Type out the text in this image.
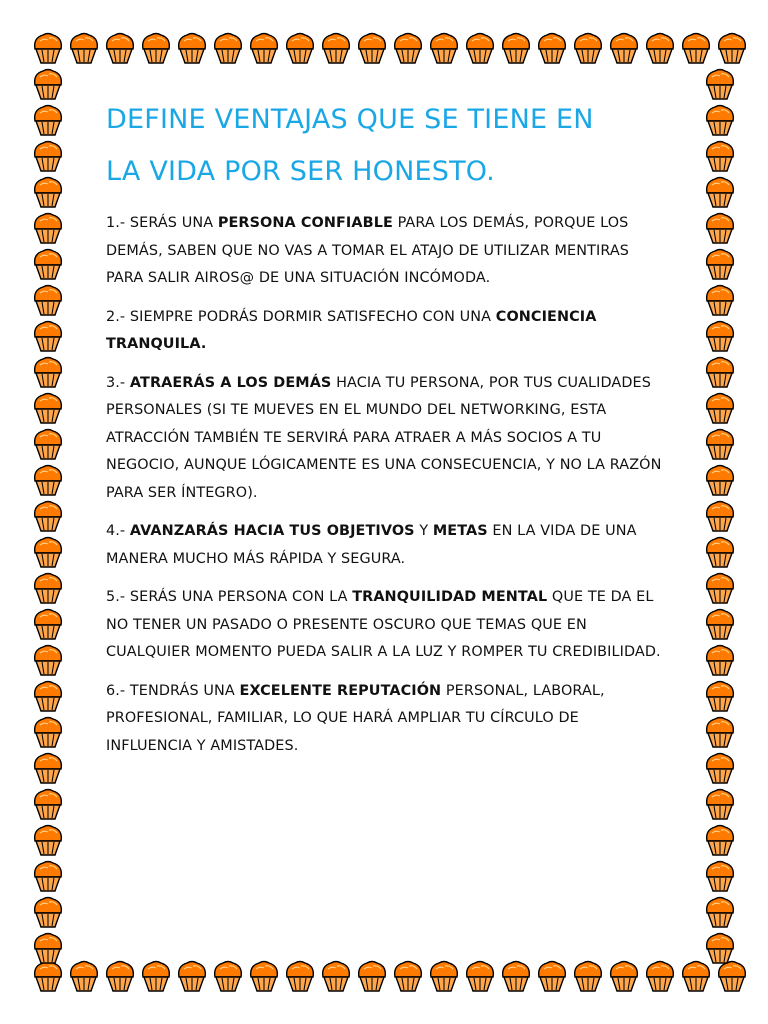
DEFINE VENTAJAS QUE SE TIENE EN
LA VIDA POR SER HONESTO.

1.- SERÁS UNA PERSONA CONFIABLE PARA LOS DEMÁS, PORQUE LOS DEMÁS, SABEN QUE NO VAS A TOMAR EL ATAJO DE UTILIZAR MENTIRAS PARA SALIR AIROS@ DE UNA SITUACIÓN INCÓMODA.

2.- SIEMPRE PODRÁS DORMIR SATISFECHO CON UNA CONCIENCIA TRANQUILA.

3.- ATRAERÁS A LOS DEMÁS HACIA TU PERSONA, POR TUS CUALIDADES PERSONALES (SI TE MUEVES EN EL MUNDO DEL NETWORKING, ESTA ATRACCIÓN TAMBIÉN TE SERVIRÁ PARA ATRAER A MÁS SOCIOS A TU NEGOCIO, AUNQUE LÓGICAMENTE ES UNA CONSECUENCIA, Y NO LA RAZÓN PARA SER ÍNTEGRO).

4.- AVANZARÁS HACIA TUS OBJETIVOS Y METAS EN LA VIDA DE UNA MANERA MUCHO MÁS RÁPIDA Y SEGURA.

5.- SERÁS UNA PERSONA CON LA TRANQUILIDAD MENTAL QUE TE DA EL NO TENER UN PASADO O PRESENTE OSCURO QUE TEMAS QUE EN CUALQUIER MOMENTO PUEDA SALIR A LA LUZ Y ROMPER TU CREDIBILIDAD.

6.- TENDRÁS UNA EXCELENTE REPUTACIÓN PERSONAL, LABORAL, PROFESIONAL, FAMILIAR, LO QUE HARÁ AMPLIAR TU CÍRCULO DE INFLUENCIA Y AMISTADES.
